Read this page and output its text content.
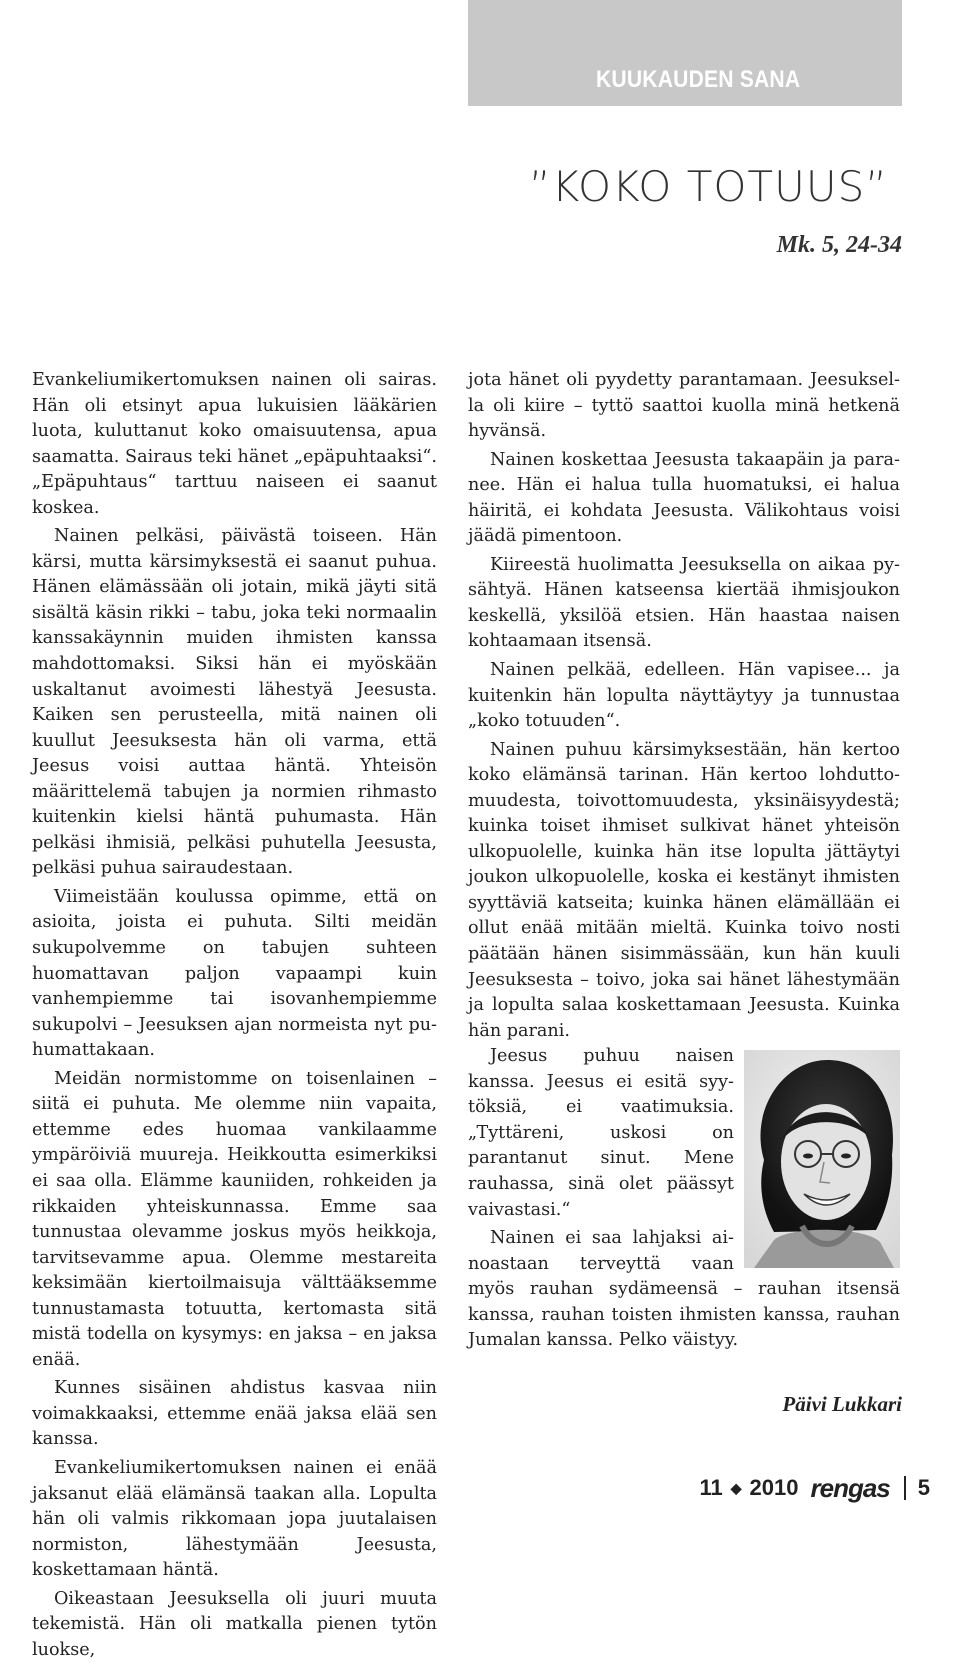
KUUKAUDEN SANA
”KOKO TOTUUS”
Mk. 5, 24-34

Evankeliumikertomuksen nainen oli sairas. Hän oli etsinyt apua lukuisien lääkärien luota, kuluttanut koko omaisuutensa, apua saamatta. Sairaus teki hänet „epäpuhtaaksi“. „Epäpuhtaus“ tarttuu naiseen ei saanut koskea.

Nainen pelkäsi, päivästä toiseen. Hän kärsi, mutta kärsimyksestä ei saanut puhua. Hänen elämässään oli jotain, mikä jäyti sitä sisältä käsin rikki – tabu, joka teki normaalin kanssakäynnin muiden ihmisten kanssa mahdottomaksi. Siksi hän ei myöskään uskaltanut avoimesti lähestyä Jeesusta. Kaiken sen perusteella, mitä nainen oli kuullut Jeesuksesta hän oli varma, että Jeesus voisi auttaa häntä. Yhteisön määrittelemä tabujen ja normien rihmasto kuitenkin kielsi häntä puhumasta. Hän pelkäsi ihmisiä, pelkäsi puhutella Jeesusta, pelkäsi puhua sairaudestaan.

Viimeistään koulussa opimme, että on asioita, joista ei puhuta. Silti meidän sukupolvemme on tabujen suhteen huomattavan paljon vapaampi kuin vanhempiemme tai isovanhempiemme sukupolvi – Jeesuksen ajan normeista nyt puhumattakaan.

Meidän normistomme on toisenlainen – siitä ei puhuta. Me olemme niin vapaita, ettemme edes huomaa vankilaamme ympäröiviä muureja. Heikkoutta esimerkiksi ei saa olla. Elämme kauniiden, rohkeiden ja rikkaiden yhteiskunnassa. Emme saa tunnustaa olevamme joskus myös heikkoja, tarvitsevamme apua. Olemme mestareita keksimään kiertoilmaisuja välttääksemme tunnustamasta totuutta, kertomasta sitä mistä todella on kysymys: en jaksa – en jaksa enää.

Kunnes sisäinen ahdistus kasvaa niin voimakkaaksi, ettemme enää jaksa elää sen kanssa.

Evankeliumikertomuksen nainen ei enää jaksanut elää elämänsä taakan alla. Lopulta hän oli valmis rikkomaan jopa juutalaisen normiston, lähestymään Jeesusta, koskettamaan häntä.

Oikeastaan Jeesuksella oli juuri muuta tekemistä. Hän oli matkalla pienen tytön luokse,

jota hänet oli pyydetty parantamaan. Jeesuksella oli kiire – tyttö saattoi kuolla minä hetkenä hyvänsä.

Nainen koskettaa Jeesusta takaapäin ja paranee. Hän ei halua tulla huomatuksi, ei halua häiritä, ei kohdata Jeesusta. Välikohtaus voisi jäädä pimentoon.

Kiireestä huolimatta Jeesuksella on aikaa pysähtyä. Hänen katseensa kiertää ihmisjoukon keskellä, yksilöä etsien. Hän haastaa naisen kohtaamaan itsensä.

Nainen pelkää, edelleen. Hän vapisee... ja kuitenkin hän lopulta näyttäytyy ja tunnustaa „koko totuuden“.

Nainen puhuu kärsimyksestään, hän kertoo koko elämänsä tarinan. Hän kertoo lohduttomuudesta, toivottomuudesta, yksinäisyydestä; kuinka toiset ihmiset sulkivat hänet yhteisön ulkopuolelle, kuinka hän itse lopulta jättäytyi joukon ulkopuolelle, koska ei kestänyt ihmisten syyttäviä katseita; kuinka hänen elämällään ei ollut enää mitään mieltä. Kuinka toivo nosti päätään hänen sisimmässään, kun hän kuuli Jeesuksesta – toivo, joka sai hänet lähestymään ja lopulta salaa koskettamaan Jeesusta. Kuinka hän parani.

Jeesus puhuu naisen kanssa. Jeesus ei esitä syytöksiä, ei vaatimuksia. „Tyttäreni, uskosi on parantanut sinut. Mene rauhassa, sinä olet päässyt vaivastasi.“

Nainen ei saa lahjaksi ainoastaan terveyttä vaan myös rauhan sydämeensä – rauhan itsensä kanssa, rauhan toisten ihmisten kanssa, rauhan Jumalan kanssa. Pelko väistyy.

Päivi Lukkari
11 ◆ 2010 rengas 5
